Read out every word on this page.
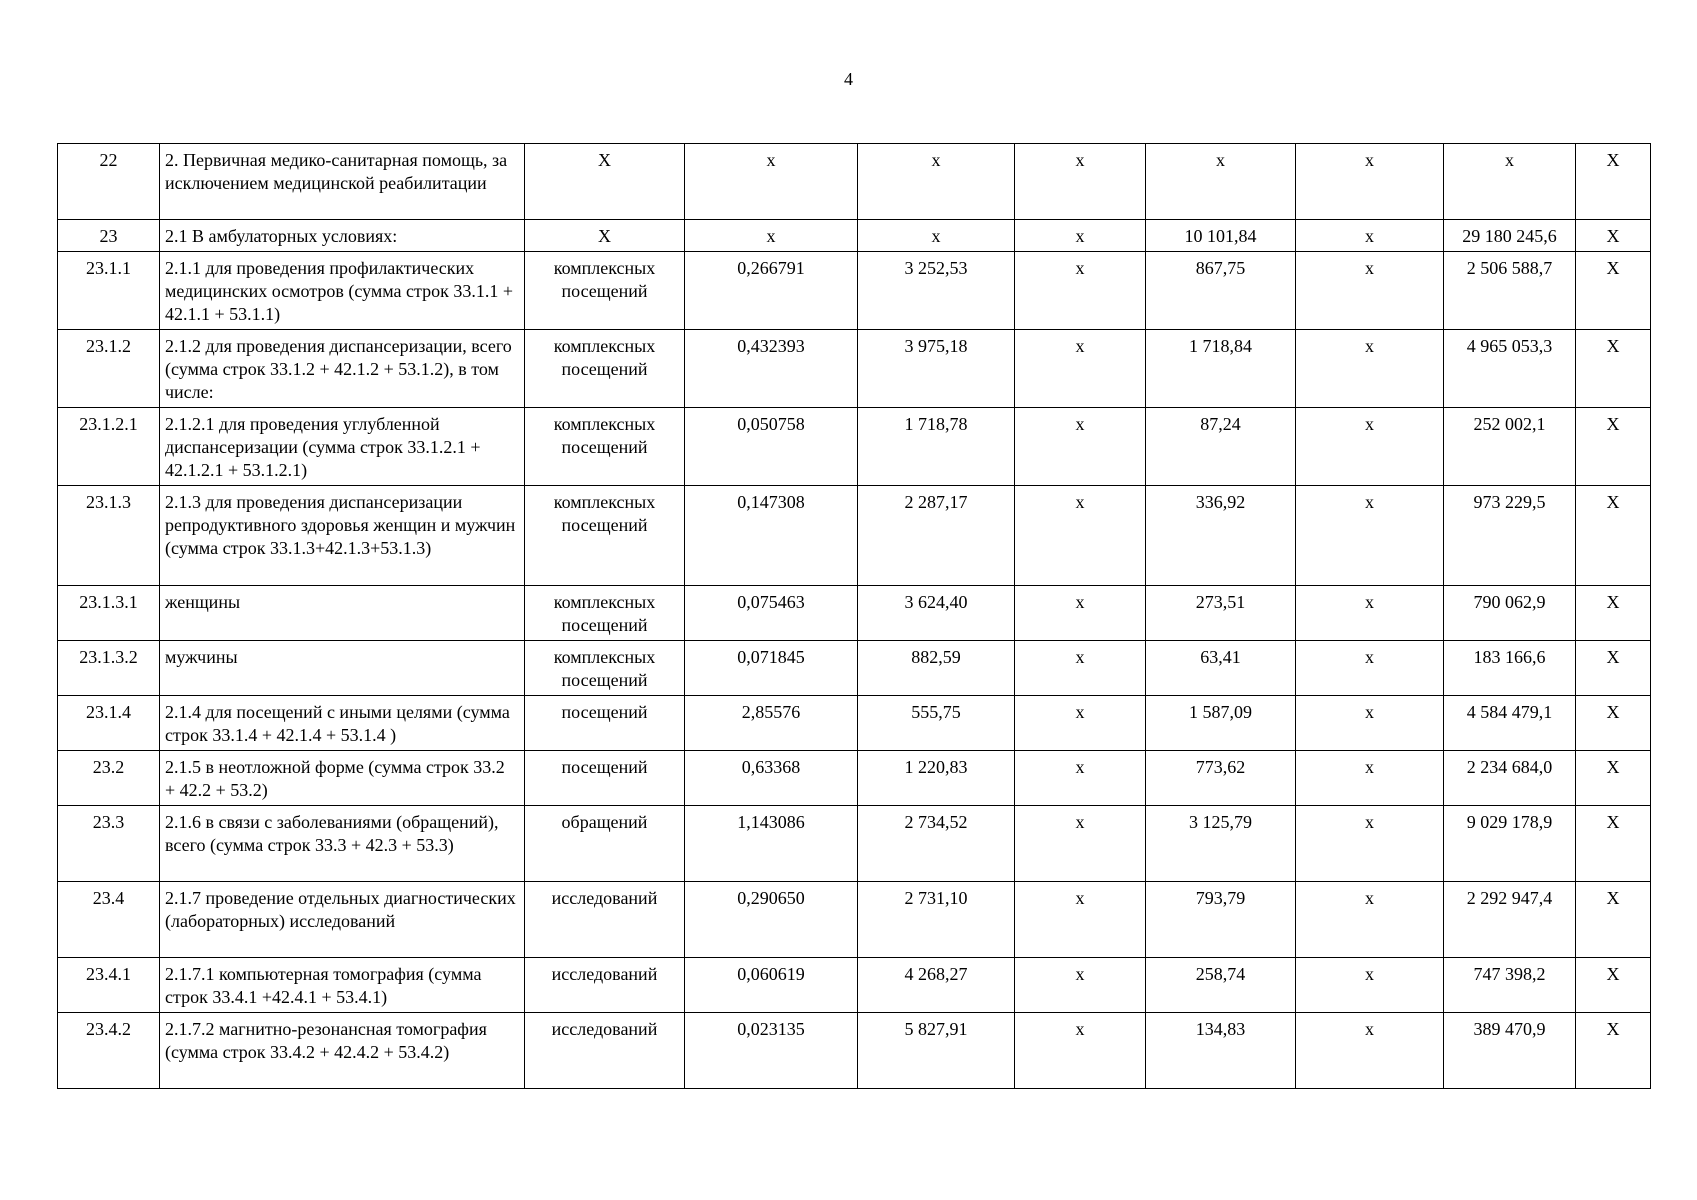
4
22	2. Первичная медико-санитарная помощь, за исключением медицинской реабилитации	Х	х	х	х	х	х	х	Х
23	2.1 В амбулаторных условиях:	Х	х	х	х	10 101,84	х	29 180 245,6	Х
23.1.1	2.1.1 для проведения профилактических медицинских осмотров (сумма строк 33.1.1 + 42.1.1 + 53.1.1)	комплексных посещений	0,266791	3 252,53	х	867,75	х	2 506 588,7	Х
23.1.2	2.1.2 для проведения диспансеризации, всего (сумма строк 33.1.2 + 42.1.2 + 53.1.2), в том числе:	комплексных посещений	0,432393	3 975,18	х	1 718,84	х	4 965 053,3	Х
23.1.2.1	2.1.2.1 для проведения углубленной диспансеризации (сумма строк 33.1.2.1 + 42.1.2.1 + 53.1.2.1)	комплексных посещений	0,050758	1 718,78	х	87,24	х	252 002,1	Х
23.1.3	2.1.3 для проведения диспансеризации репродуктивного здоровья женщин и мужчин (сумма строк 33.1.3+42.1.3+53.1.3)	комплексных посещений	0,147308	2 287,17	х	336,92	х	973 229,5	Х
23.1.3.1	женщины	комплексных посещений	0,075463	3 624,40	х	273,51	х	790 062,9	Х
23.1.3.2	мужчины	комплексных посещений	0,071845	882,59	х	63,41	х	183 166,6	Х
23.1.4	2.1.4 для посещений с иными целями (сумма строк 33.1.4 + 42.1.4 + 53.1.4 )	посещений	2,85576	555,75	х	1 587,09	х	4 584 479,1	Х
23.2	2.1.5 в неотложной форме (сумма строк 33.2 + 42.2 + 53.2)	посещений	0,63368	1 220,83	х	773,62	х	2 234 684,0	Х
23.3	2.1.6 в связи с заболеваниями (обращений), всего (сумма строк 33.3 + 42.3 + 53.3)	обращений	1,143086	2 734,52	х	3 125,79	х	9 029 178,9	Х
23.4	2.1.7 проведение отдельных диагностических (лабораторных) исследований	исследований	0,290650	2 731,10	х	793,79	х	2 292 947,4	Х
23.4.1	2.1.7.1 компьютерная томография (сумма строк 33.4.1 +42.4.1 + 53.4.1)	исследований	0,060619	4 268,27	х	258,74	х	747 398,2	Х
23.4.2	2.1.7.2 магнитно-резонансная томография (сумма строк 33.4.2 + 42.4.2 + 53.4.2)	исследований	0,023135	5 827,91	х	134,83	х	389 470,9	Х
